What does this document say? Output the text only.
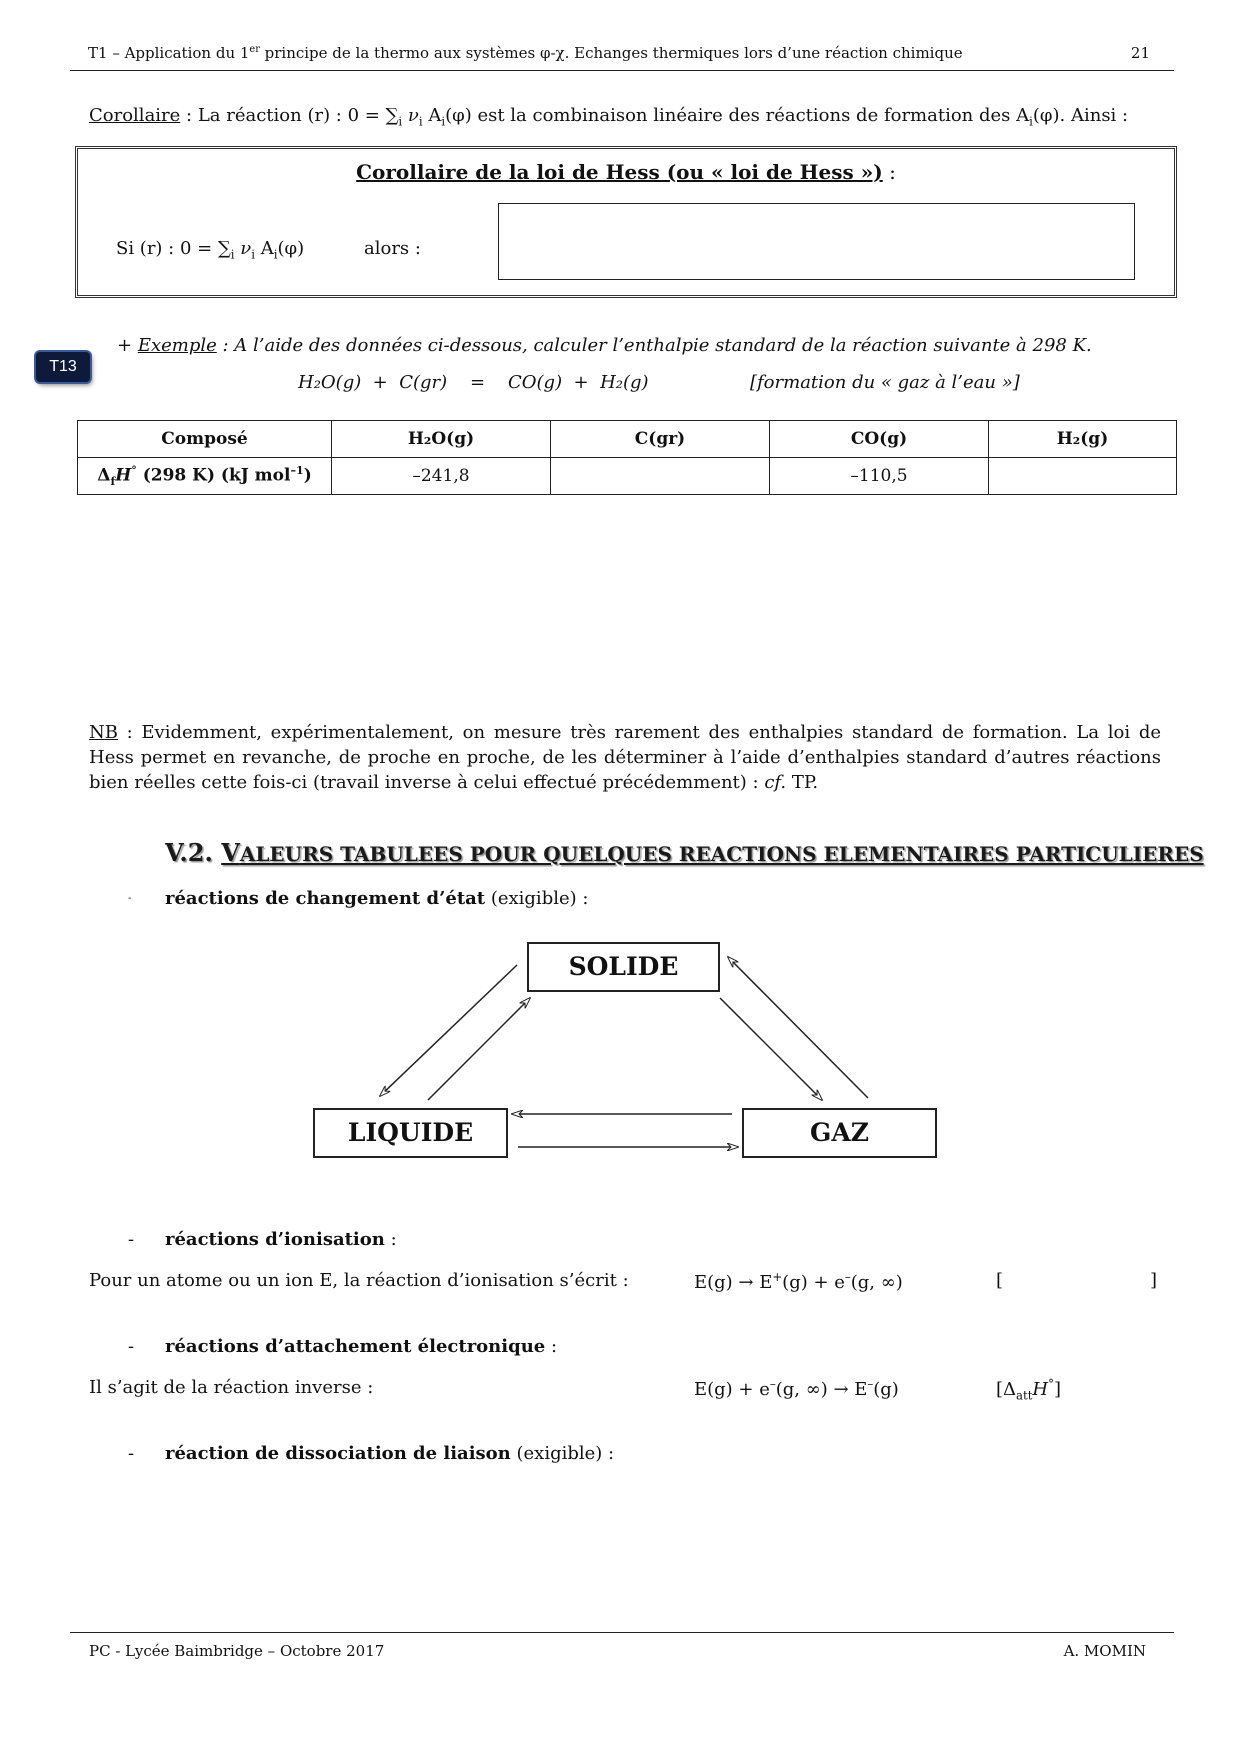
T1 – Application du 1er principe de la thermo aux systèmes φ-χ. Echanges thermiques lors d’une réaction chimique	21
Corollaire : La réaction (r) : $0 = \sum_i$ $\nu_i$ $A_i(\varphi)$ est la combinaison linéaire des réactions de formation des $A_i(\varphi)$. Ainsi :
Corollaire de la loi de Hess (ou « loi de Hess ») :
Si (r) : $0 = \sum_i$ $\nu_i$ $A_i(\varphi)$	alors :
T13
+ Exemple : A l’aide des données ci-dessous, calculer l’enthalpie standard de la réaction suivante à 298 K.
H₂O(g)  +  C(gr)    =    CO(g)  +  H₂(g)	[formation du « gaz à l’eau »]
Composé	H₂O(g)	C(gr)	CO(g)	H₂(g)
$\Delta_fH^\circ$ (298 K) (kJ mol$^{-1}$)	–241,8		–110,5	
NB : Evidemment, expérimentalement, on mesure très rarement des enthalpies standard de formation. La loi de Hess permet en revanche, de proche en proche, de les déterminer à l’aide d’enthalpies standard d’autres réactions bien réelles cette fois-ci (travail inverse à celui effectué précédemment) : cf. TP.
V.2. VALEURS TABULEES POUR QUELQUES REACTIONS ELEMENTAIRES PARTICULIERES
- réactions de changement d’état (exigible) :
SOLIDE
LIQUIDE	GAZ
- réactions d’ionisation :
Pour un atome ou un ion E, la réaction d’ionisation s’écrit :	E(g) → E+(g) + e–(g, ∞)	[	]
- réactions d’attachement électronique :
Il s’agit de la réaction inverse :	E(g) + e–(g, ∞) → E–(g)	$[\Delta_{att}H^\circ]$
- réaction de dissociation de liaison (exigible) :
PC - Lycée Baimbridge – Octobre 2017	A. MOMIN
